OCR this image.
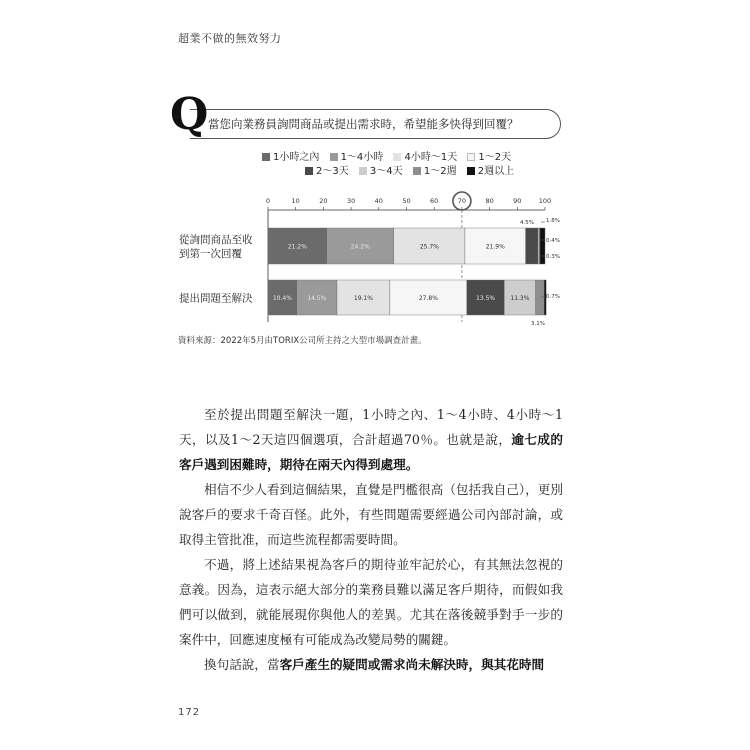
超業不做的無效努力
Q 當您向業務員詢問商品或提出需求時，希望能多快得到回覆？
1小時之內 1～4小時 4小時～1天 1～2天
2～3天 3～4天 1～2週 2週以上
0	10	20	30	40	50	60	70	80	90	100
從詢問商品至收
到第一次回覆
21.2%	24.2%	25.7%	21.9%
4.5%
0.4%
0.3%
1.8%
提出問題至解決	10.4%	14.5%	19.1%	27.8%	13.5%	11.3%
3.1%
0.7%
資料來源：2022年5月由TORIX公司所主持之大型市場調查計畫。

至於提出問題至解決一題，1小時之內、1～4小時、4小時～1天，以及1～2天這四個選項，合計超過70％。也就是說，逾七成的客戶遇到困難時，期待在兩天內得到處理。

相信不少人看到這個結果，直覺是門檻很高（包括我自己），更別說客戶的要求千奇百怪。此外，有些問題需要經過公司內部討論，或取得主管批准，而這些流程都需要時間。

不過，將上述結果視為客戶的期待並牢記於心，有其無法忽視的意義。因為，這表示絕大部分的業務員難以滿足客戶期待，而假如我們可以做到，就能展現你與他人的差異。尤其在落後競爭對手一步的案件中，回應速度極有可能成為改變局勢的關鍵。

換句話說，當客戶產生的疑問或需求尚未解決時，與其花時間

172
